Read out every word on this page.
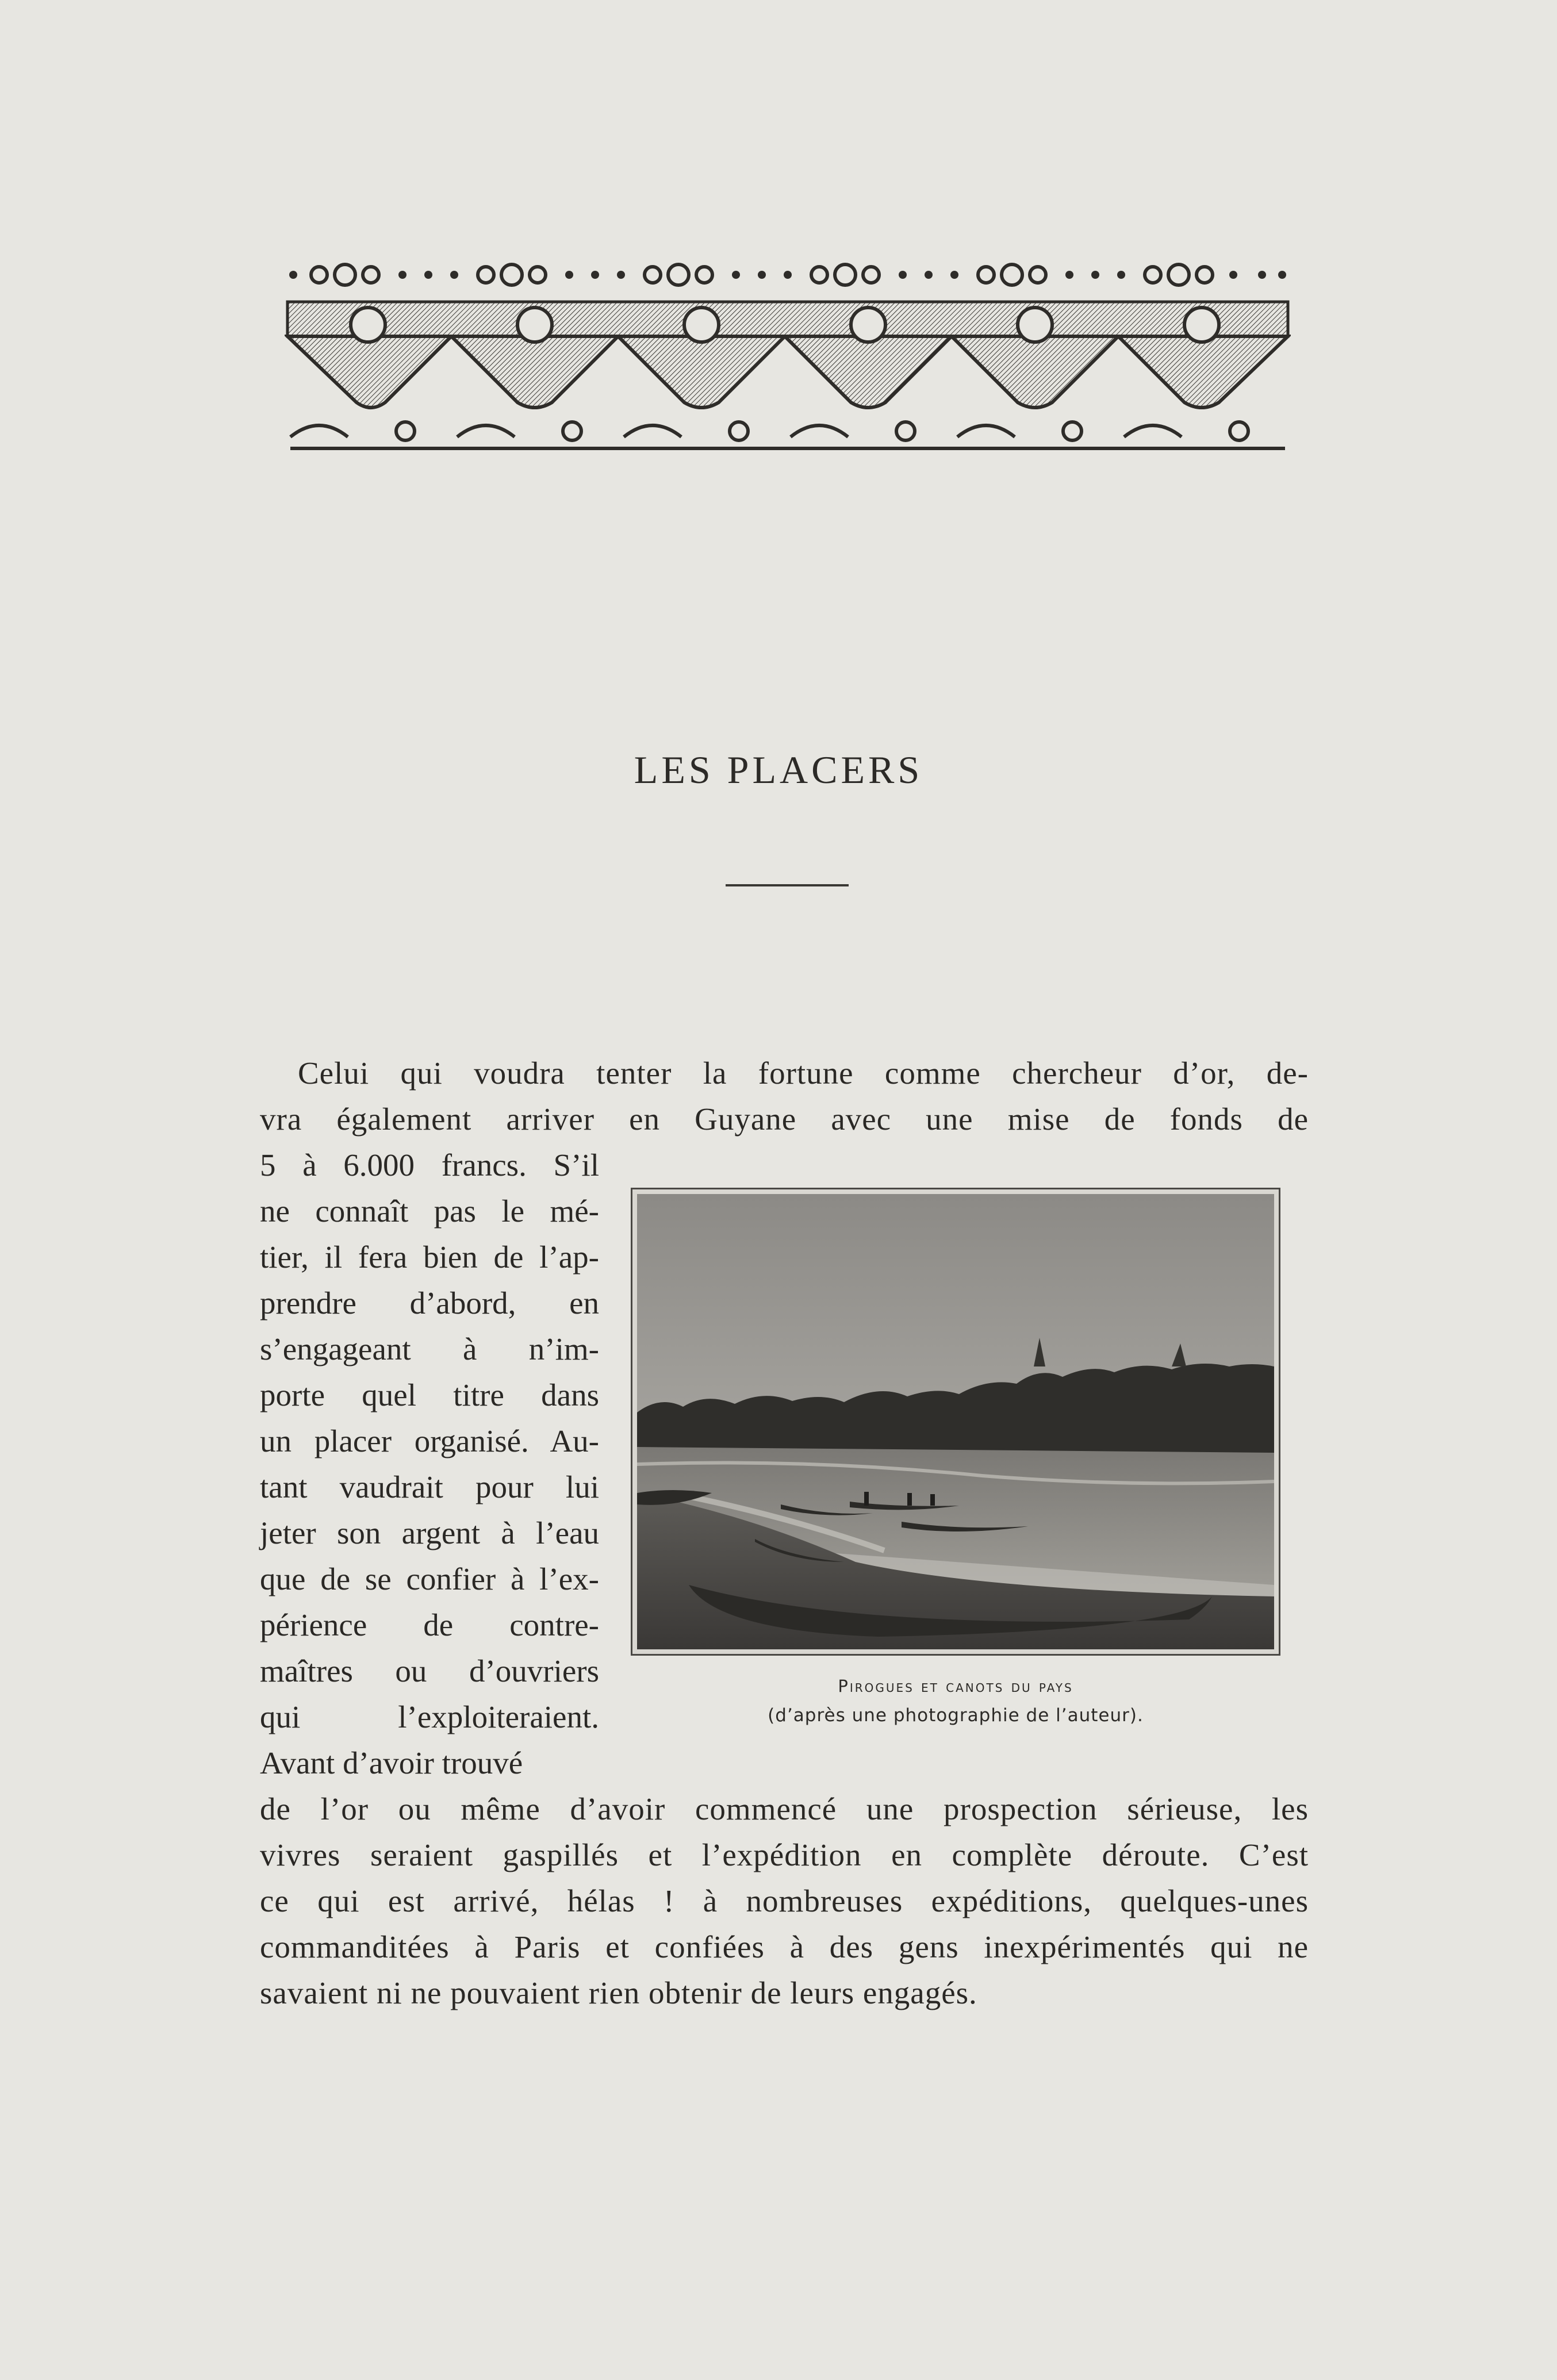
LES PLACERS
Celui qui voudra tenter la fortune comme chercheur d’or, de-
vra également arriver en Guyane avec une mise de fonds de
5 à 6.000 francs. S’il
ne connaît pas le mé-
tier, il fera bien de l’ap-
prendre d’abord, en
s’engageant à n’im-
porte quel titre dans
un placer organisé. Au-
tant vaudrait pour lui
jeter son argent à l’eau
que de se confier à l’ex-
périence de contre-
maîtres ou d’ouvriers
qui l’exploiteraient.
Avant d’avoir trouvé
de l’or ou même d’avoir commencé une prospection sérieuse, les
vivres seraient gaspillés et l’expédition en complète déroute. C’est
ce qui est arrivé, hélas ! à nombreuses expéditions, quelques-unes
commanditées à Paris et confiées à des gens inexpérimentés qui ne
savaient ni ne pouvaient rien obtenir de leurs engagés.
Pirogues et canots du pays
(d’après une photographie de l’auteur).
